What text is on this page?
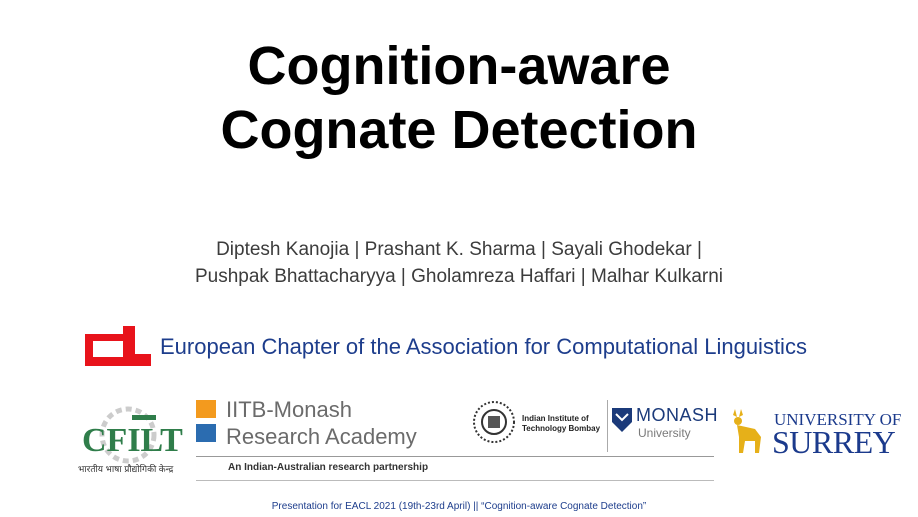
Cognition-aware
Cognate Detection
Diptesh Kanojia | Prashant K. Sharma | Sayali Ghodekar |
Pushpak Bhattacharyya | Gholamreza Haffari | Malhar Kulkarni
European Chapter of the Association for Computational Linguistics
CFILT
भारतीय भाषा प्रौद्योगिकी केन्द्र
IITB-Monash
Research Academy
An Indian-Australian research partnership
Indian Institute of
Technology Bombay
MONASH
University
UNIVERSITY OF
SURREY
Presentation for EACL 2021 (19th-23rd April) || “Cognition-aware Cognate Detection”
